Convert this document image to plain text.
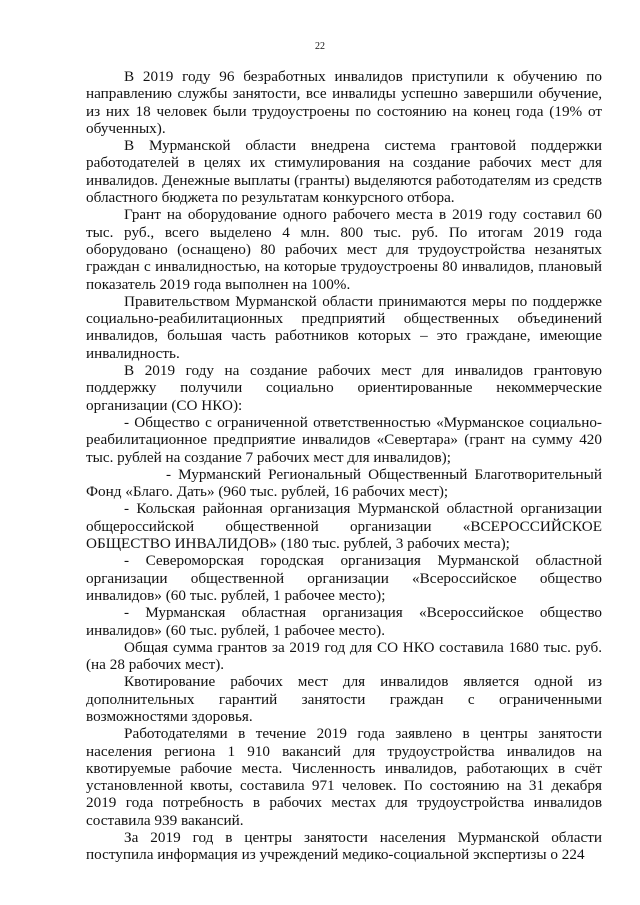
22

В 2019 году 96 безработных инвалидов приступили к обучению по направлению службы занятости, все инвалиды успешно завершили обучение, из них 18 человек были трудоустроены по состоянию на конец года (19% от обученных).

В Мурманской области внедрена система грантовой поддержки работодателей в целях их стимулирования на создание рабочих мест для инвалидов. Денежные выплаты (гранты) выделяются работодателям из средств областного бюджета по результатам конкурсного отбора.

Грант на оборудование одного рабочего места в 2019 году составил 60 тыс. руб., всего выделено 4 млн. 800 тыс. руб. По итогам 2019 года оборудовано (оснащено) 80 рабочих мест для трудоустройства незанятых граждан с инвалидностью, на которые трудоустроены 80 инвалидов, плановый показатель 2019 года выполнен на 100%.

Правительством Мурманской области принимаются меры по поддержке социально-реабилитационных предприятий общественных объединений инвалидов, большая часть работников которых – это граждане, имеющие инвалидность.

В 2019 году на создание рабочих мест для инвалидов грантовую поддержку получили социально ориентированные некоммерческие организации (СО НКО):

- Общество с ограниченной ответственностью «Мурманское социально-реабилитационное предприятие инвалидов «Севертара» (грант на сумму 420 тыс. рублей на создание 7 рабочих мест для инвалидов);

- Мурманский Региональный Общественный Благотворительный Фонд «Благо. Дать» (960 тыс. рублей, 16 рабочих мест);

- Кольская районная организация Мурманской областной организации общероссийской общественной организации «ВСЕРОССИЙСКОЕ ОБЩЕСТВО ИНВАЛИДОВ» (180 тыс. рублей, 3 рабочих места);

- Североморская городская организация Мурманской областной организации общественной организации «Всероссийское общество инвалидов» (60 тыс. рублей, 1 рабочее место);

- Мурманская областная организация «Всероссийское общество инвалидов» (60 тыс. рублей, 1 рабочее место).

Общая сумма грантов за 2019 год для СО НКО составила 1680 тыс. руб. (на 28 рабочих мест).

Квотирование рабочих мест для инвалидов является одной из дополнительных гарантий занятости граждан с ограниченными возможностями здоровья.

Работодателями в течение 2019 года заявлено в центры занятости населения региона 1 910 вакансий для трудоустройства инвалидов на квотируемые рабочие места. Численность инвалидов, работающих в счёт установленной квоты, составила 971 человек. По состоянию на 31 декабря 2019 года потребность в рабочих местах для трудоустройства инвалидов составила 939 вакансий.

За 2019 год в центры занятости населения Мурманской области поступила информация из учреждений медико-социальной экспертизы о 224
